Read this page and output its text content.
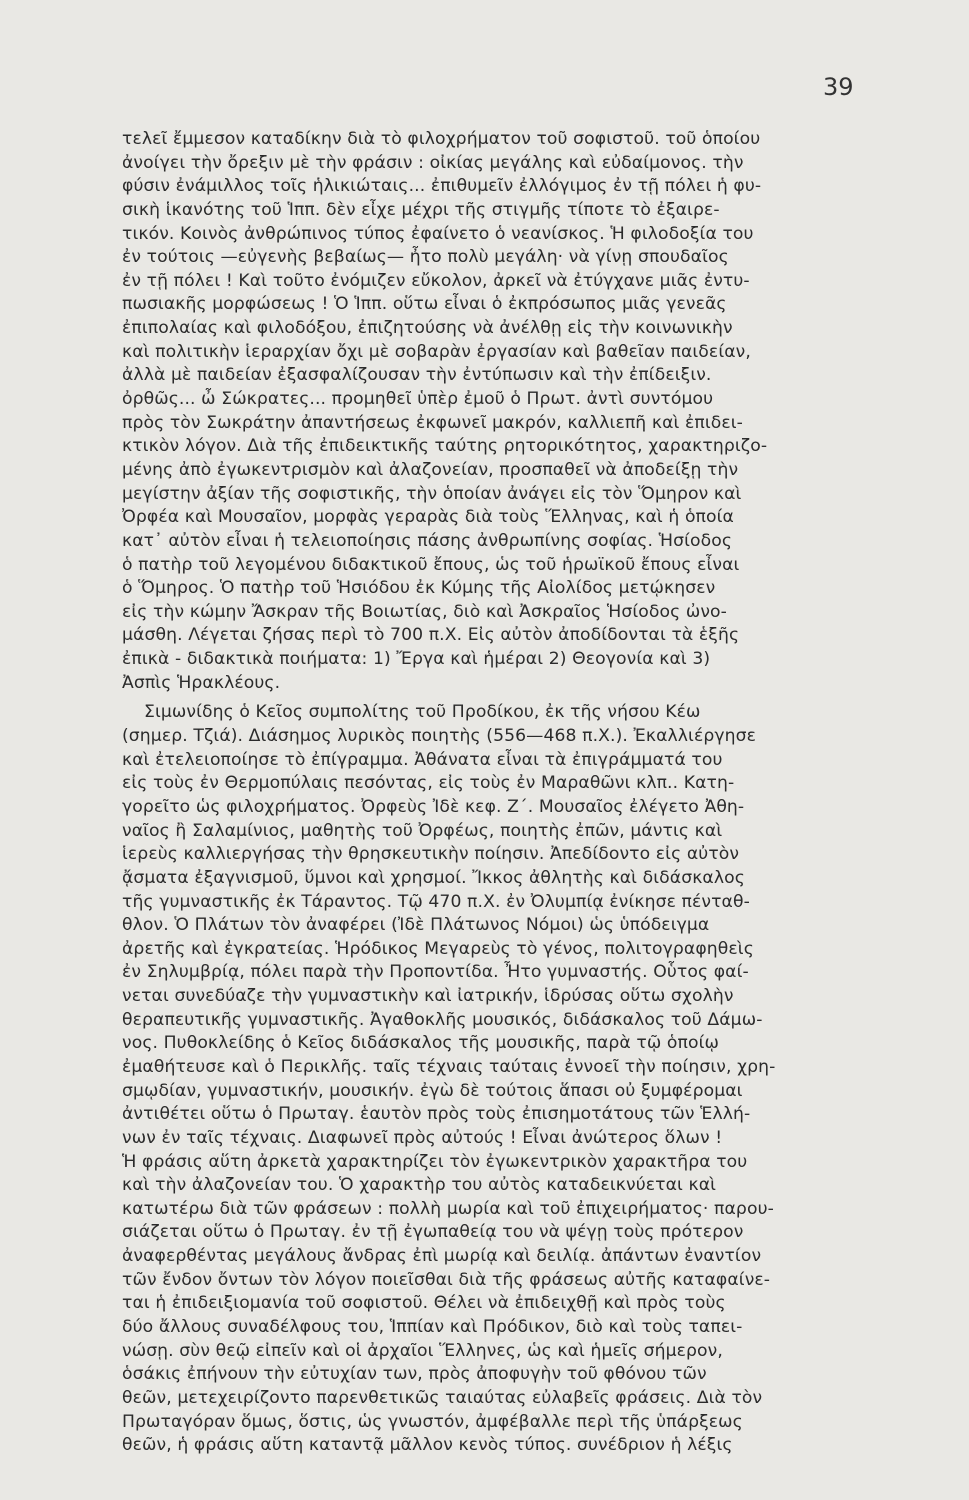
39
τελεῖ ἔμμεσον καταδίκην διὰ τὸ φιλοχρήματον τοῦ σοφιστοῦ. τοῦ ὁποίου
ἀνοίγει τὴν ὄρεξιν μὲ τὴν φράσιν : οἰκίας μεγάλης καὶ εὐδαίμονος. τὴν
φύσιν ἐνάμιλλος τοῖς ἡλικιώταις... ἐπιθυμεῖν ἐλλόγιμος ἐν τῇ πόλει ἡ φυ-
σικὴ ἱκανότης τοῦ Ἱππ. δὲν εἶχε μέχρι τῆς στιγμῆς τίποτε τὸ ἐξαιρε-
τικόν. Κοινὸς ἀνθρώπινος τύπος ἐφαίνετο ὁ νεανίσκος. Ἡ φιλοδοξία του
ἐν τούτοις —εὐγενὴς βεβαίως— ἦτο πολὺ μεγάλη· νὰ γίνῃ σπουδαῖος
ἐν τῇ πόλει ! Καὶ τοῦτο ἐνόμιζεν εὔκολον, ἀρκεῖ νὰ ἐτύγχανε μιᾶς ἐντυ-
πωσιακῆς μορφώσεως ! Ὁ Ἱππ. οὕτω εἶναι ὁ ἐκπρόσωπος μιᾶς γενεᾶς
ἐπιπολαίας καὶ φιλοδόξου, ἐπιζητούσης νὰ ἀνέλθῃ εἰς τὴν κοινωνικὴν
καὶ πολιτικὴν ἱεραρχίαν ὄχι μὲ σοβαρὰν ἐργασίαν καὶ βαθεῖαν παιδείαν,
ἀλλὰ μὲ παιδείαν ἐξασφαλίζουσαν τὴν ἐντύπωσιν καὶ τὴν ἐπίδειξιν.
ὀρθῶς... ὦ Σώκρατες... προμηθεῖ ὑπὲρ ἐμοῦ ὁ Πρωτ. ἀντὶ συντόμου
πρὸς τὸν Σωκράτην ἀπαντήσεως ἐκφωνεῖ μακρόν, καλλιεπῆ καὶ ἐπιδει-
κτικὸν λόγον. Διὰ τῆς ἐπιδεικτικῆς ταύτης ρητορικότητος, χαρακτηριζο-
μένης ἀπὸ ἐγωκεντρισμὸν καὶ ἀλαζονείαν, προσπαθεῖ νὰ ἀποδείξῃ τὴν
μεγίστην ἀξίαν τῆς σοφιστικῆς, τὴν ὁποίαν ἀνάγει εἰς τὸν Ὅμηρον καὶ
Ὀρφέα καὶ Μουσαῖον, μορφὰς γεραρὰς διὰ τοὺς Ἕλληνας, καὶ ἡ ὁποία
κατ᾽ αὐτὸν εἶναι ἡ τελειοποίησις πάσης ἀνθρωπίνης σοφίας. Ἡσίοδος
ὁ πατὴρ τοῦ λεγομένου διδακτικοῦ ἔπους, ὡς τοῦ ἡρωϊκοῦ ἔπους εἶναι
ὁ Ὅμηρος. Ὁ πατὴρ τοῦ Ἡσιόδου ἐκ Κύμης τῆς Αἰολίδος μετῴκησεν
εἰς τὴν κώμην Ἄσκραν τῆς Βοιωτίας, διὸ καὶ Ἀσκραῖος Ἡσίοδος ὠνο-
μάσθη. Λέγεται ζήσας περὶ τὸ 700 π.Χ. Εἰς αὐτὸν ἀποδίδονται τὰ ἑξῆς
ἐπικὰ - διδακτικὰ ποιήματα: 1) Ἔργα καὶ ἡμέραι 2) Θεογονία καὶ 3)
Ἀσπὶς Ἡρακλέους.
Σιμωνίδης ὁ Κεῖος συμπολίτης τοῦ Προδίκου, ἐκ τῆς νήσου Κέω
(σημερ. Τζιά). Διάσημος λυρικὸς ποιητὴς (556—468 π.Χ.). Ἐκαλλιέργησε
καὶ ἐτελειοποίησε τὸ ἐπίγραμμα. Ἀθάνατα εἶναι τὰ ἐπιγράμματά του
εἰς τοὺς ἐν Θερμοπύλαις πεσόντας, εἰς τοὺς ἐν Μαραθῶνι κλπ.. Κατη-
γορεῖτο ὡς φιλοχρήματος. Ὀρφεὺς Ἰδὲ κεφ. Ζ΄. Μουσαῖος ἐλέγετο Ἀθη-
ναῖος ἢ Σαλαμίνιος, μαθητὴς τοῦ Ὀρφέως, ποιητὴς ἐπῶν, μάντις καὶ
ἱερεὺς καλλιεργήσας τὴν θρησκευτικὴν ποίησιν. Ἀπεδίδοντο εἰς αὐτὸν
ᾄσματα ἐξαγνισμοῦ, ὕμνοι καὶ χρησμοί. Ἴκκος ἀθλητὴς καὶ διδάσκαλος
τῆς γυμναστικῆς ἐκ Τάραντος. Τῷ 470 π.Χ. ἐν Ὀλυμπίᾳ ἐνίκησε πένταθ-
θλον. Ὁ Πλάτων τὸν ἀναφέρει (Ἰδὲ Πλάτωνος Νόμοι) ὡς ὑπόδειγμα
ἀρετῆς καὶ ἐγκρατείας. Ἡρόδικος Μεγαρεὺς τὸ γένος, πολιτογραφηθεὶς
ἐν Σηλυμβρίᾳ, πόλει παρὰ τὴν Προποντίδα. Ἦτο γυμναστής. Οὗτος φαί-
νεται συνεδύαζε τὴν γυμναστικὴν καὶ ἰατρικήν, ἱδρύσας οὕτω σχολὴν
θεραπευτικῆς γυμναστικῆς. Ἀγαθοκλῆς μουσικός, διδάσκαλος τοῦ Δάμω-
νος. Πυθοκλείδης ὁ Κεῖος διδάσκαλος τῆς μουσικῆς, παρὰ τῷ ὁποίῳ
ἐμαθήτευσε καὶ ὁ Περικλῆς. ταῖς τέχναις ταύταις ἐννοεῖ τὴν ποίησιν, χρη-
σμῳδίαν, γυμναστικήν, μουσικήν. ἐγὼ δὲ τούτοις ἅπασι οὐ ξυμφέρομαι
ἀντιθέτει οὕτω ὁ Πρωταγ. ἑαυτὸν πρὸς τοὺς ἐπισημοτάτους τῶν Ἑλλή-
νων ἐν ταῖς τέχναις. Διαφωνεῖ πρὸς αὐτούς ! Εἶναι ἀνώτερος ὅλων !
Ἡ φράσις αὕτη ἀρκετὰ χαρακτηρίζει τὸν ἐγωκεντρικὸν χαρακτῆρα του
καὶ τὴν ἀλαζονείαν του. Ὁ χαρακτὴρ του αὐτὸς καταδεικνύεται καὶ
κατωτέρω διὰ τῶν φράσεων : πολλὴ μωρία καὶ τοῦ ἐπιχειρήματος· παρου-
σιάζεται οὕτω ὁ Πρωταγ. ἐν τῇ ἐγωπαθείᾳ του νὰ ψέγῃ τοὺς πρότερον
ἀναφερθέντας μεγάλους ἄνδρας ἐπὶ μωρίᾳ καὶ δειλίᾳ. ἀπάντων ἐναντίον
τῶν ἔνδον ὄντων τὸν λόγον ποιεῖσθαι διὰ τῆς φράσεως αὐτῆς καταφαίνε-
ται ἡ ἐπιδειξιομανία τοῦ σοφιστοῦ. Θέλει νὰ ἐπιδειχθῇ καὶ πρὸς τοὺς
δύο ἄλλους συναδέλφους του, Ἱππίαν καὶ Πρόδικον, διὸ καὶ τοὺς ταπει-
νώσῃ. σὺν θεῷ εἰπεῖν καὶ οἱ ἀρχαῖοι Ἕλληνες, ὡς καὶ ἡμεῖς σήμερον,
ὁσάκις ἐπήνουν τὴν εὐτυχίαν των, πρὸς ἀποφυγὴν τοῦ φθόνου τῶν
θεῶν, μετεχειρίζοντο παρενθετικῶς ταιαύτας εὐλαβεῖς φράσεις. Διὰ τὸν
Πρωταγόραν ὅμως, ὅστις, ὡς γνωστόν, ἀμφέβαλλε περὶ τῆς ὑπάρξεως
θεῶν, ἡ φράσις αὕτη καταντᾷ μᾶλλον κενὸς τύπος. συνέδριον ἡ λέξις
